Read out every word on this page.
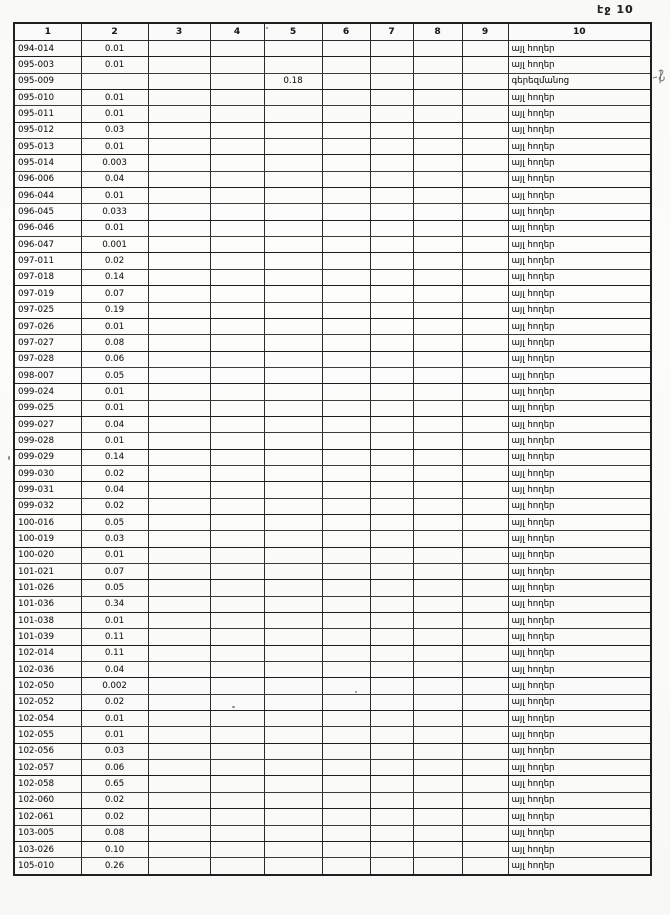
էջ 10
1	2	3	4	5	6	7	8	9	10
094-014	0.01								այլ հողեր
095-003	0.01								այլ հողեր
095-009				0.18					գերեզմանոց
095-010	0.01								այլ հողեր
095-011	0.01								այլ հողեր
095-012	0.03								այլ հողեր
095-013	0.01								այլ հողեր
095-014	0.003								այլ հողեր
096-006	0.04								այլ հողեր
096-044	0.01								այլ հողեր
096-045	0.033								այլ հողեր
096-046	0.01								այլ հողեր
096-047	0.001								այլ հողեր
097-011	0.02								այլ հողեր
097-018	0.14								այլ հողեր
097-019	0.07								այլ հողեր
097-025	0.19								այլ հողեր
097-026	0.01								այլ հողեր
097-027	0.08								այլ հողեր
097-028	0.06								այլ հողեր
098-007	0.05								այլ հողեր
099-024	0.01								այլ հողեր
099-025	0.01								այլ հողեր
099-027	0.04								այլ հողեր
099-028	0.01								այլ հողեր
099-029	0.14								այլ հողեր
099-030	0.02								այլ հողեր
099-031	0.04								այլ հողեր
099-032	0.02								այլ հողեր
100-016	0.05								այլ հողեր
100-019	0.03								այլ հողեր
100-020	0.01								այլ հողեր
101-021	0.07								այլ հողեր
101-026	0.05								այլ հողեր
101-036	0.34								այլ հողեր
101-038	0.01								այլ հողեր
101-039	0.11								այլ հողեր
102-014	0.11								այլ հողեր
102-036	0.04								այլ հողեր
102-050	0.002								այլ հողեր
102-052	0.02								այլ հողեր
102-054	0.01								այլ հողեր
102-055	0.01								այլ հողեր
102-056	0.03								այլ հողեր
102-057	0.06								այլ հողեր
102-058	0.65								այլ հողեր
102-060	0.02								այլ հողեր
102-061	0.02								այլ հողեր
103-005	0.08								այլ հողեր
103-026	0.10								այլ հողեր
105-010	0.26								այլ հողեր
